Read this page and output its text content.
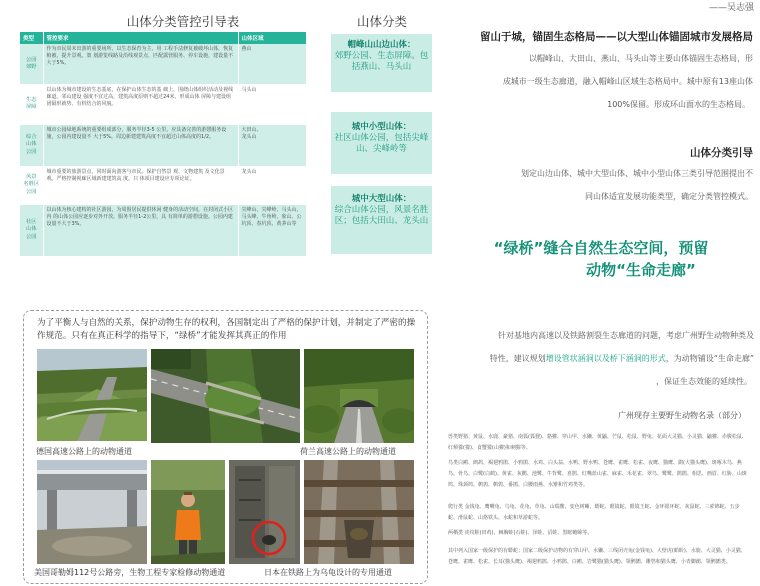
——吴志强
山体分类管控引导表
类型	管控要求	山体区域
公园
郊野	作为市民周末出游的重要场所，以生态保育为主，用 工程手法修复被破坏山体，恢复植被，提升景观。策 划游览线路及沿线观景点，匹配露营服务、停车设施，建设量不大于5%。	燕山
生态
屏障	以山体为城市建设的生态基底，在保护山体生态的基 础上，围绕山体组织活动及视线廊道。邻山建设 强度不宜过高，建筑高度原则不超过24米，形成山体 屏障与建设组团隔形就势、有机结合的风貌。	马头山
综合
山体
公园	城市公园绿地系统的重要组成部分，服务半径3-5 公里，应具备完善的游憩服务设施，公园内建设量不 大于5%。周边新建建筑高度不宜超过山体高度的1/2。	大田山、
龙头山
风景
名胜区
公园	城市重要的旅游景点，同时面向游客与市民。保护自然景 观、文物建筑 及文化景观。严格控制视廊区域新建建筑高 度。只 体项目建设应专项论证。	龙头山
社区
山体
公园	以山体为核心建构的社区游园，为周围居民提供休闲 健身的活动空间。在封闭式小区内 的山体公园应逐步对外开放。服务半径1-2公里，具 有简单的游憩设施。公园内建设量不大于3%。	尖峰山、尖峰岭、马头山、马头峰、牛角岭、象山、公坑顶、春坑顶、黄茅山等
山体分类
帽峰山山边山体：
郊野公园、生态屏障。包括燕山、马头山
城中小型山体：
社区山体公园，包括尖峰山、尖峰岭等
城中大型山体：
综合山体公园，风景名胜区；包括大田山、龙头山
留山于城，锚固生态格局——以大型山体锚固城市发展格局
以帽峰山、大田山、燕山、马头山等主要山体锚固生态格局，形
成城市一级生态廊道，融入帽峰山区域生态格局中。城中原有13座山体
100%保留。形成环山面水的生态格局。
山体分类引导
划定山边山体、城中大型山体、城中小型山体三类引导范围提出不
同山体适宜发展功能类型，确定分类管控模式。
“绿桥”缝合自然生态空间，预留
动物“生命走廊”
针对基地内高速以及铁路割裂生态廊道的问题，考虑广州野生动物种类及
特性，建议规划增设管状涵洞以及桥下涵洞的形式，为动物铺设“生命走廊”
，保证生态效能的延续性。
广州现存主要野生动物名录（部分）
兽类野猪、黄鼠、水鹿、豪猪、南狐(狐狸)、貉獾、穿山甲、水獭、黄鼬、芒鼠、松鼠、野兔、花面大灵猫、小灵猫、鼬獾、赤腹松鼠、红颊獴(獴)、食蟹獴(山獾)和刺猬等。
鸟类白鹇、鹧鸪、褐翅鸦鹃、小鸦鹃、水鸡、白头翁、水鸭、野水鸭、苍鹰、雀鹰、松雀、夜鹰、猫鹰、鹞(大猫头鹰)、斑啄木鸟、燕鸟、骨鸟、白鹭(白鹤)、黄雀、灰鹳、池鹭、牛背鹭、喜鹊、红嘴蓝山雀、麻雀、禾花雀、翠鸟、鹭鹭、鹃鹃、相思、画眉、红胁、山斑鸠、珠颈鸠、鹌鹑、鹌鹑、番鹃、白腰雨燕、水雉和竹鸡类等。
爬行类 金钱龟、鹰嘴龟、乌龟、花龟、草龟、山瑞鳖、变色树蜥、蟒蛇、眼镜蛇、眼镜王蛇、金环银环蛇、灰鼠蛇、三索锦蛇、五步蛇、滑鼠蛇、山烙铁头、水蛇和草游蛇等。
两栖类 虎纹蛙(田鸡)、棘胸蛙(石蛙)、泽蛙、沼蛙、黑眶蟾蜍等。
其中列入国家一级保护的有蟒蛇；国家二级保护动物的有穿山甲、水獭、三线闭壳龟(金钱龟)、大壁虎(蛤蚧)、水鹿、大灵猫、小灵猫、苍鹰、雀鹰、松雀、长耳(猫头鹰)、褐翅鸦鹃、小鸦鹃、白鹇、岩鹭猫(猫头鹰)、领鸺鹠、雕鸮和猫头鹰、小青脚鹬、领鸺鹠类。
为了平衡人与自然的关系，保护动物生存的权利，各国制定出了严格的保护计划，并制定了严密的操作规范。只有在真正科学的指导下，“绿桥”才能发挥其真正的作用
德国高速公路上的动物通道	荷兰高速公路上的动物通道
美国哥勒姆112号公路旁，生物工程专家检修动物通道	日本在铁路上为乌龟设计的专用通道
